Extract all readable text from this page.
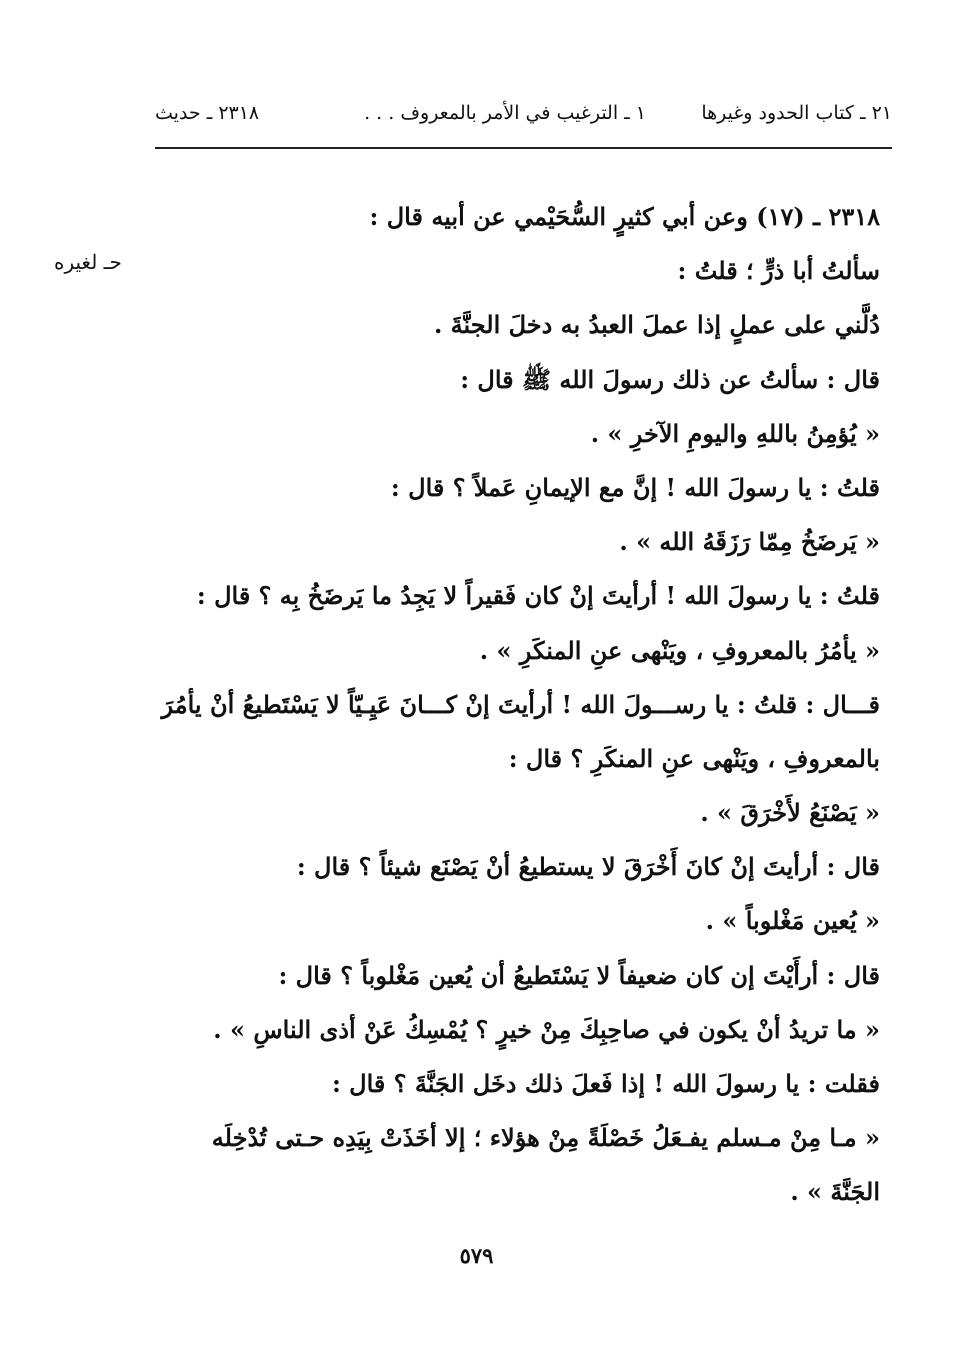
٢١ ـ كتاب الحدود وغيرها
١ ـ الترغيب في الأمر بالمعروف . . .
٢٣١٨ ـ حديث
حـ لغيره
٢٣١٨ ـ (١٧) وعن أبي كثيرٍ السُّحَيْمي عن أبيه قال :
سألتُ أبا ذرٍّ ؛ قلتُ :
دُلَّني على عملٍ إذا عملَ العبدُ به دخلَ الجنَّةَ .
قال : سألتُ عن ذلك رسولَ الله ﷺ قال :
« يُؤمِنُ باللهِ واليومِ الآخرِ » .
قلتُ : يا رسولَ الله ! إنَّ مع الإيمانِ عَملاً ؟ قال :
« يَرضَخُ مِمّا رَزَقَهُ الله » .
قلتُ : يا رسولَ الله ! أرأيتَ إنْ كان فَقيراً لا يَجِدُ ما يَرضَخُ بِه ؟ قال :
« يأمُرُ بالمعروفِ ، ويَنْهى عنِ المنكَرِ » .
قـــال : قلتُ : يا رســـولَ الله ! أرأيتَ إنْ كـــانَ عَيِـيّاً لا يَسْتَطيعُ أنْ يأمُرَ
بالمعروفِ ، ويَنْهى عنِ المنكَرِ ؟ قال :
« يَصْنَعُ لأَخْرَقَ » .
قال : أرأيتَ إنْ كانَ أَخْرَقَ لا يستطيعُ أنْ يَصْنَع شيئاً ؟ قال :
« يُعين مَغْلوباً » .
قال : أرأَيْتَ إن كان ضعيفاً لا يَسْتَطيعُ أن يُعين مَغْلوباً ؟ قال :
« ما تريدُ أنْ يكون في صاحِبِكَ مِنْ خيرٍ ؟ يُمْسِكُ عَنْ أذى الناسِ » .
فقلت : يا رسولَ الله ! إذا فَعلَ ذلك دخَل الجَنَّةَ ؟ قال :
« مـا مِنْ مـسلم يفـعَلُ خَصْلَةً مِنْ هؤلاء ؛ إلا أخَذَتْ بِيَدِه حـتى تُدْخِلَه
الجَنَّةَ » .
٥٧٩
